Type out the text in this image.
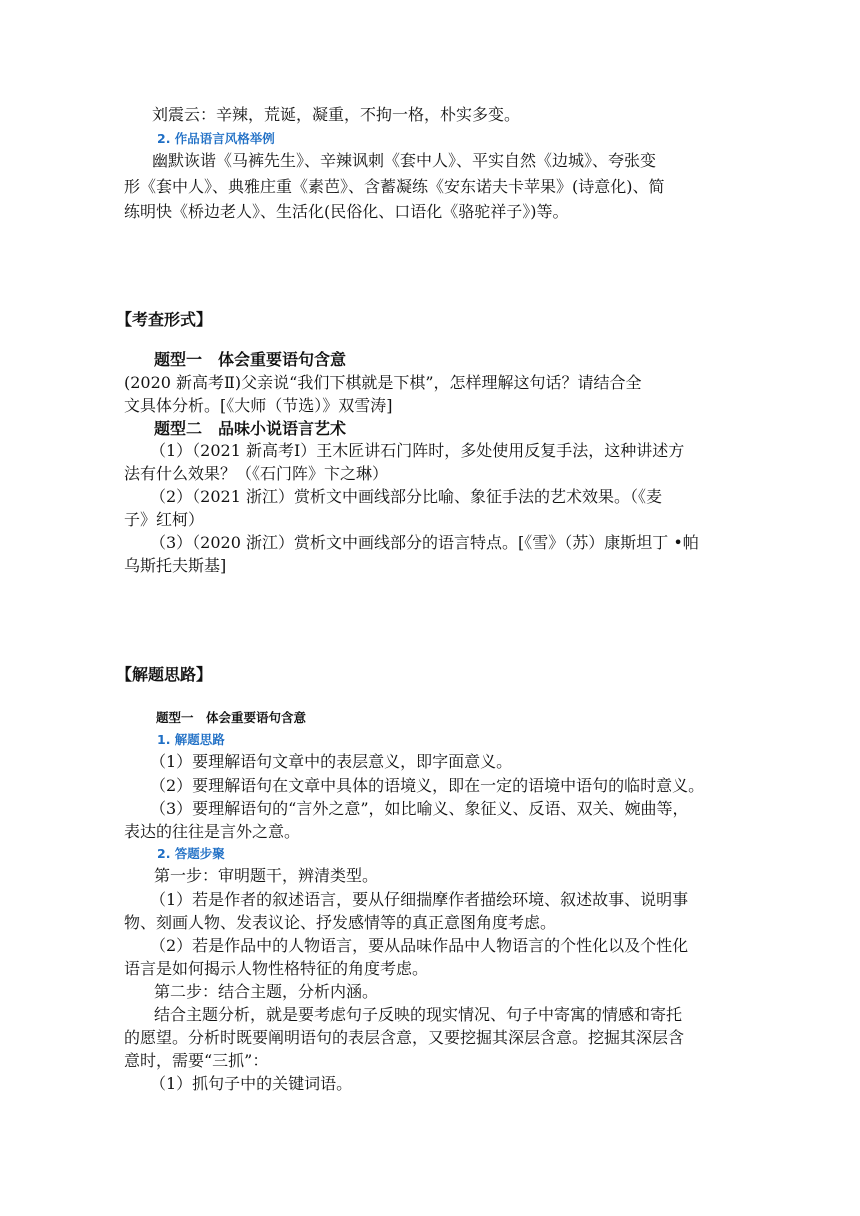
刘震云：辛辣，荒诞，凝重，不拘一格，朴实多变。
2. 作品语言风格举例
幽默诙谐《马裤先生》、辛辣讽刺《套中人》、平实自然《边城》、夸张变
形《套中人》、典雅庄重《素芭》、含蓄凝练《安东诺夫卡苹果》(诗意化)、简
练明快《桥边老人》、生活化(民俗化、口语化《骆驼祥子》)等。
【考查形式】
题型一　体会重要语句含意
(2020 新高考Ⅱ)父亲说“我们下棋就是下棋”，怎样理解这句话？请结合全
文具体分析。[《大师（节选）》双雪涛]
题型二　品味小说语言艺术
（1）（2021 新高考Ⅰ）王木匠讲石门阵时，多处使用反复手法，这种讲述方
法有什么效果？（《石门阵》卞之琳）
（2）（2021 浙江）赏析文中画线部分比喻、象征手法的艺术效果。（《麦
子》红柯）
（3）（2020 浙江）赏析文中画线部分的语言特点。[《雪》（苏）康斯坦丁 •帕
乌斯托夫斯基]
【解题思路】
题型一　体会重要语句含意
1. 解题思路
（1）要理解语句文章中的表层意义，即字面意义。
（2）要理解语句在文章中具体的语境义，即在一定的语境中语句的临时意义。
（3）要理解语句的“言外之意”，如比喻义、象征义、反语、双关、婉曲等，
表达的往往是言外之意。
2. 答题步聚
第一步：审明题干，辨清类型。
（1）若是作者的叙述语言，要从仔细揣摩作者描绘环境、叙述故事、说明事
物、刻画人物、发表议论、抒发感情等的真正意图角度考虑。
（2）若是作品中的人物语言，要从品味作品中人物语言的个性化以及个性化
语言是如何揭示人物性格特征的角度考虑。
第二步：结合主题，分析内涵。
结合主题分析，就是要考虑句子反映的现实情况、句子中寄寓的情感和寄托
的愿望。分析时既要阐明语句的表层含意，又要挖掘其深层含意。挖掘其深层含
意时，需要“三抓”：
（1）抓句子中的关键词语。
